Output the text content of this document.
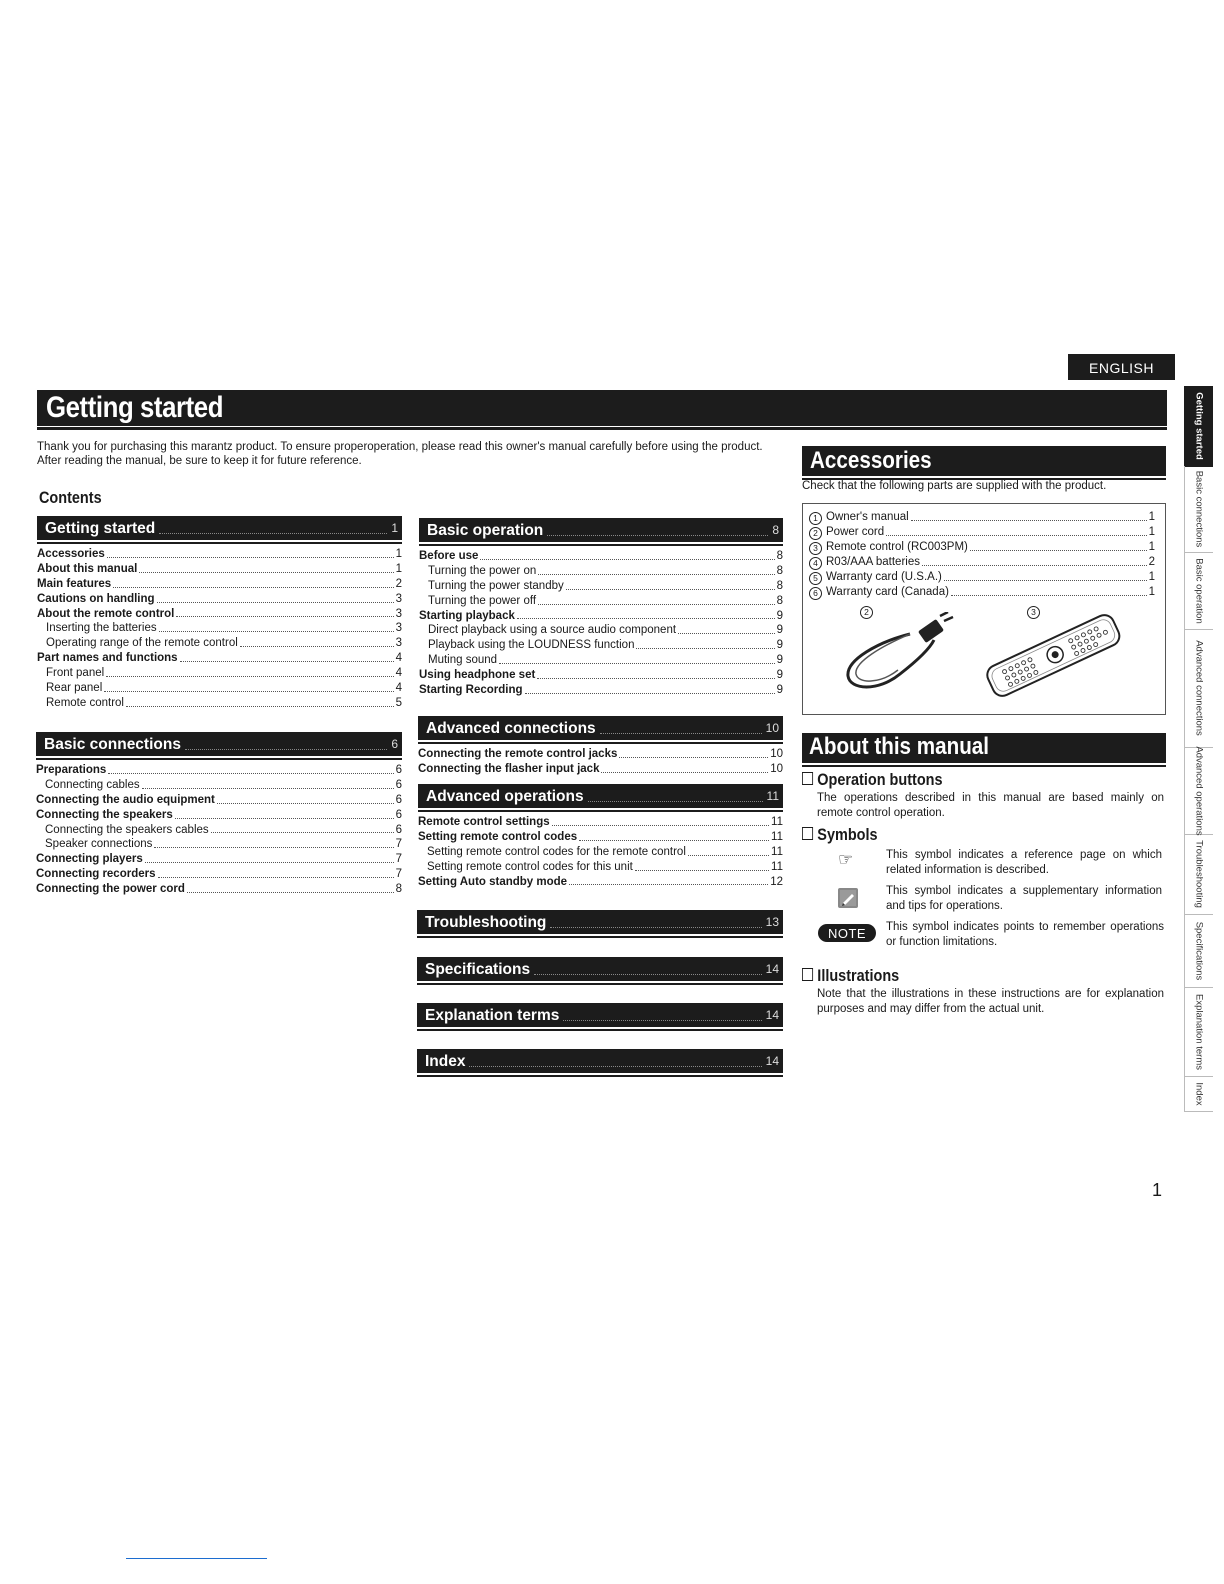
ENGLISH
Getting started
Thank you for purchasing this marantz product. To ensure properoperation, please read this owner's manual carefully before using the product.
After reading the manual, be sure to keep it for future reference.
Contents
Getting started	1
Accessories	1
About this manual	1
Main features	2
Cautions on handling	3
About the remote control	3
Inserting the batteries	3
Operating range of the remote control	3
Part names and functions	4
Front panel	4
Rear panel	4
Remote control	5
Basic connections	6
Preparations	6
Connecting cables	6
Connecting the audio equipment	6
Connecting the speakers	6
Connecting the speakers cables	6
Speaker connections	7
Connecting players	7
Connecting recorders	7
Connecting the power cord	8
Basic operation	8
Before use	8
Turning the power on	8
Turning the power standby	8
Turning the power off	8
Starting playback	9
Direct playback using a source audio component	9
Playback using the LOUDNESS function	9
Muting sound	9
Using headphone set	9
Starting Recording	9
Advanced connections	10
Connecting the remote control jacks	10
Connecting the flasher input jack	10
Advanced operations	11
Remote control settings	11
Setting remote control codes	11
Setting remote control codes for the remote control	11
Setting remote control codes for this unit	11
Setting Auto standby mode	12
Troubleshooting	13
Specifications	14
Explanation terms	14
Index	14
Accessories
Check that the following parts are supplied with the product.
1 Owner's manual	1
2 Power cord	1
3 Remote control (RC003PM)	1
4 R03/AAA batteries	2
5 Warranty card (U.S.A.)	1
6 Warranty card (Canada)	1
2	3
About this manual
Operation buttons
The operations described in this manual are based mainly on remote control operation.
Symbols
☞	This symbol indicates a reference page on which related information is described.
This symbol indicates a supplementary information and tips for operations.
NOTE	This symbol indicates points to remember operations or function limitations.
Illustrations
Note that the illustrations in these instructions are for explanation purposes and may differ from the actual unit.
Getting started
Basic connections
Basic operation
Advanced connections
Advanced operations
Troubleshooting
Specifications
Explanation terms
Index
1
